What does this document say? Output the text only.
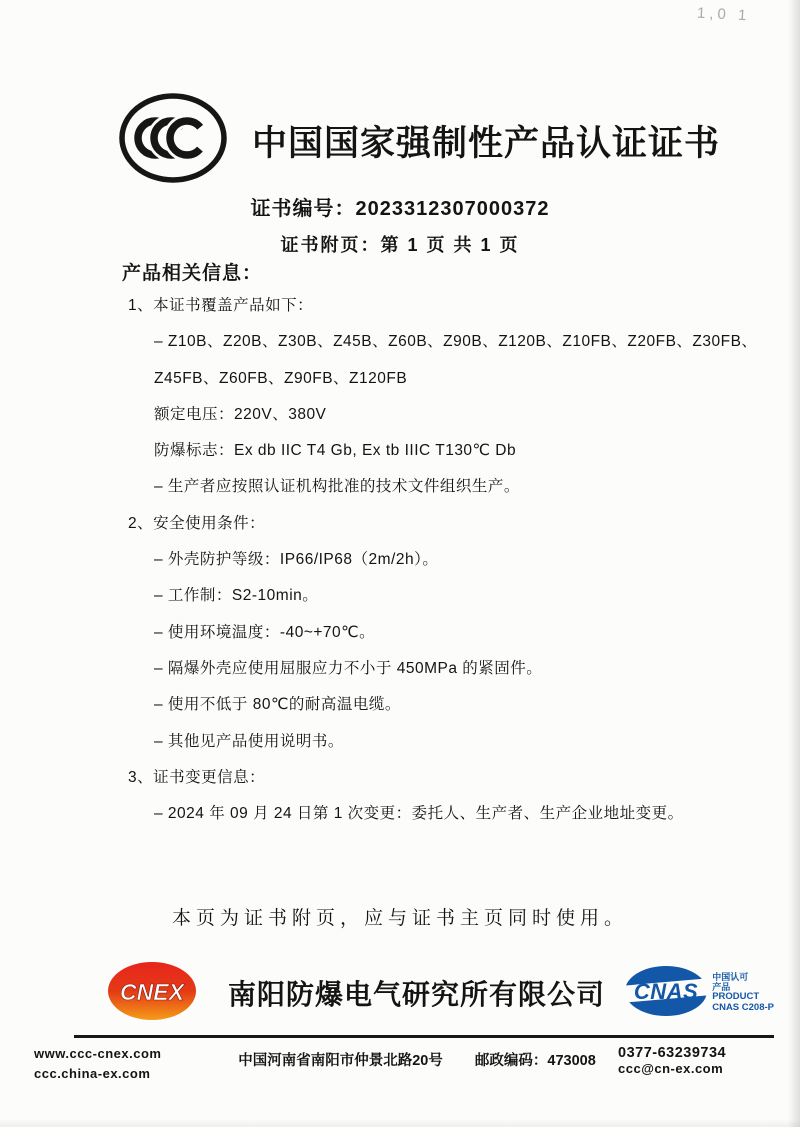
1,0 1
中国国家强制性产品认证证书
证书编号：2023312307000372
证书附页：第 1 页 共 1 页
产品相关信息：
1、本证书覆盖产品如下：
– Z10B、Z20B、Z30B、Z45B、Z60B、Z90B、Z120B、Z10FB、Z20FB、Z30FB、
Z45FB、Z60FB、Z90FB、Z120FB
额定电压：220V、380V
防爆标志：Ex db IIC T4 Gb, Ex tb IIIC T130℃ Db
– 生产者应按照认证机构批准的技术文件组织生产。
2、安全使用条件：
– 外壳防护等级：IP66/IP68（2m/2h）。
– 工作制：S2-10min。
– 使用环境温度：-40~+70℃。
– 隔爆外壳应使用屈服应力不小于 450MPa 的紧固件。
– 使用不低于 80℃的耐高温电缆。
– 其他见产品使用说明书。
3、证书变更信息：
– 2024 年 09 月 24 日第 1 次变更：委托人、生产者、生产企业地址变更。
本页为证书附页，应与证书主页同时使用。
CNEX 南阳防爆电气研究所有限公司 CNAS
中国认可
产品
PRODUCT
CNAS C208-P
www.ccc-cnex.com
ccc.china-ex.com
中国河南省南阳市仲景北路20号 邮政编码：473008 0377-63239734
ccc@cn-ex.com
